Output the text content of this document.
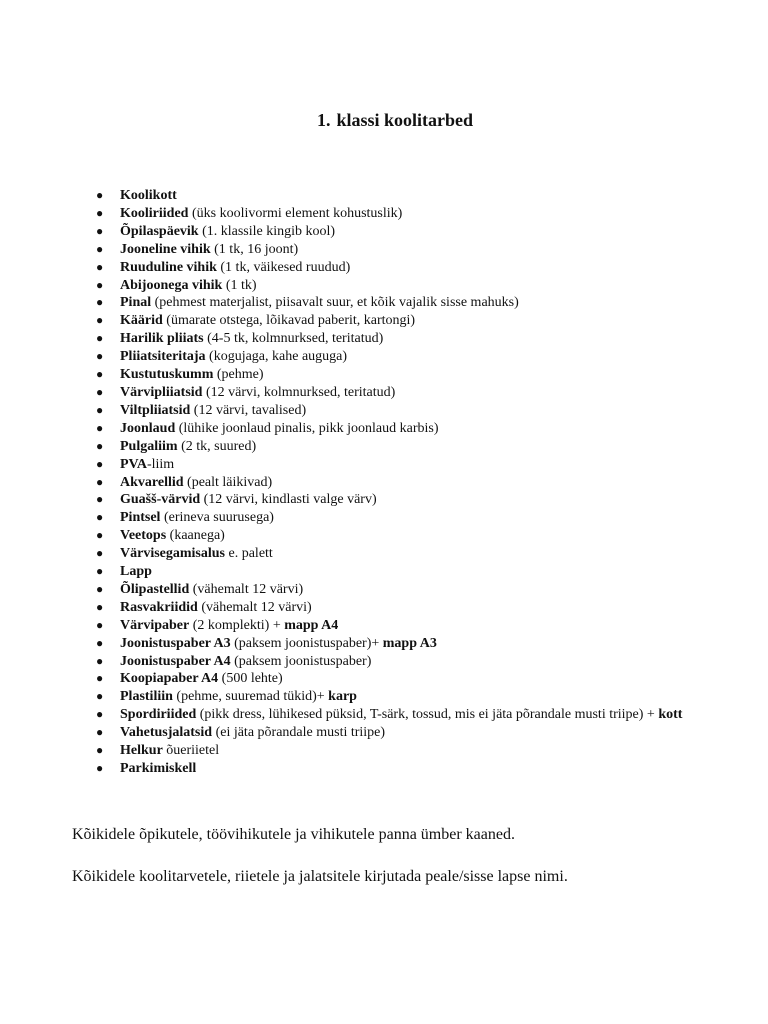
1. klassi koolitarbed
● Koolikott
● Kooliriided (üks koolivormi element kohustuslik)
● Õpilaspäevik (1. klassile kingib kool)
● Jooneline vihik (1 tk, 16 joont)
● Ruuduline vihik (1 tk, väikesed ruudud)
● Abijoonega vihik (1 tk)
● Pinal (pehmest materjalist, piisavalt suur, et kõik vajalik sisse mahuks)
● Käärid (ümarate otstega, lõikavad paberit, kartongi)
● Harilik pliiats (4-5 tk, kolmnurksed, teritatud)
● Pliiatsiteritaja (kogujaga, kahe auguga)
● Kustutuskumm (pehme)
● Värvipliiatsid (12 värvi, kolmnurksed, teritatud)
● Viltpliiatsid (12 värvi, tavalised)
● Joonlaud (lühike joonlaud pinalis, pikk joonlaud karbis)
● Pulgaliim (2 tk, suured)
● PVA-liim
● Akvarellid (pealt läikivad)
● Guašš-värvid (12 värvi, kindlasti valge värv)
● Pintsel (erineva suurusega)
● Veetops (kaanega)
● Värvisegamisalus e. palett
● Lapp
● Õlipastellid (vähemalt 12 värvi)
● Rasvakriidid (vähemalt 12 värvi)
● Värvipaber (2 komplekti) + mapp A4
● Joonistuspaber A3 (paksem joonistuspaber)+ mapp A3
● Joonistuspaber A4 (paksem joonistuspaber)
● Koopiapaber A4 (500 lehte)
● Plastiliin (pehme, suuremad tükid)+ karp
● Spordiriided (pikk dress, lühikesed püksid, T-särk, tossud, mis ei jäta põrandale musti triipe) + kott
● Vahetusjalatsid (ei jäta põrandale musti triipe)
● Helkur õueriietel
● Parkimiskell

Kõikidele õpikutele, töövihikutele ja vihikutele panna ümber kaaned.

Kõikidele koolitarvetele, riietele ja jalatsitele kirjutada peale/sisse lapse nimi.
